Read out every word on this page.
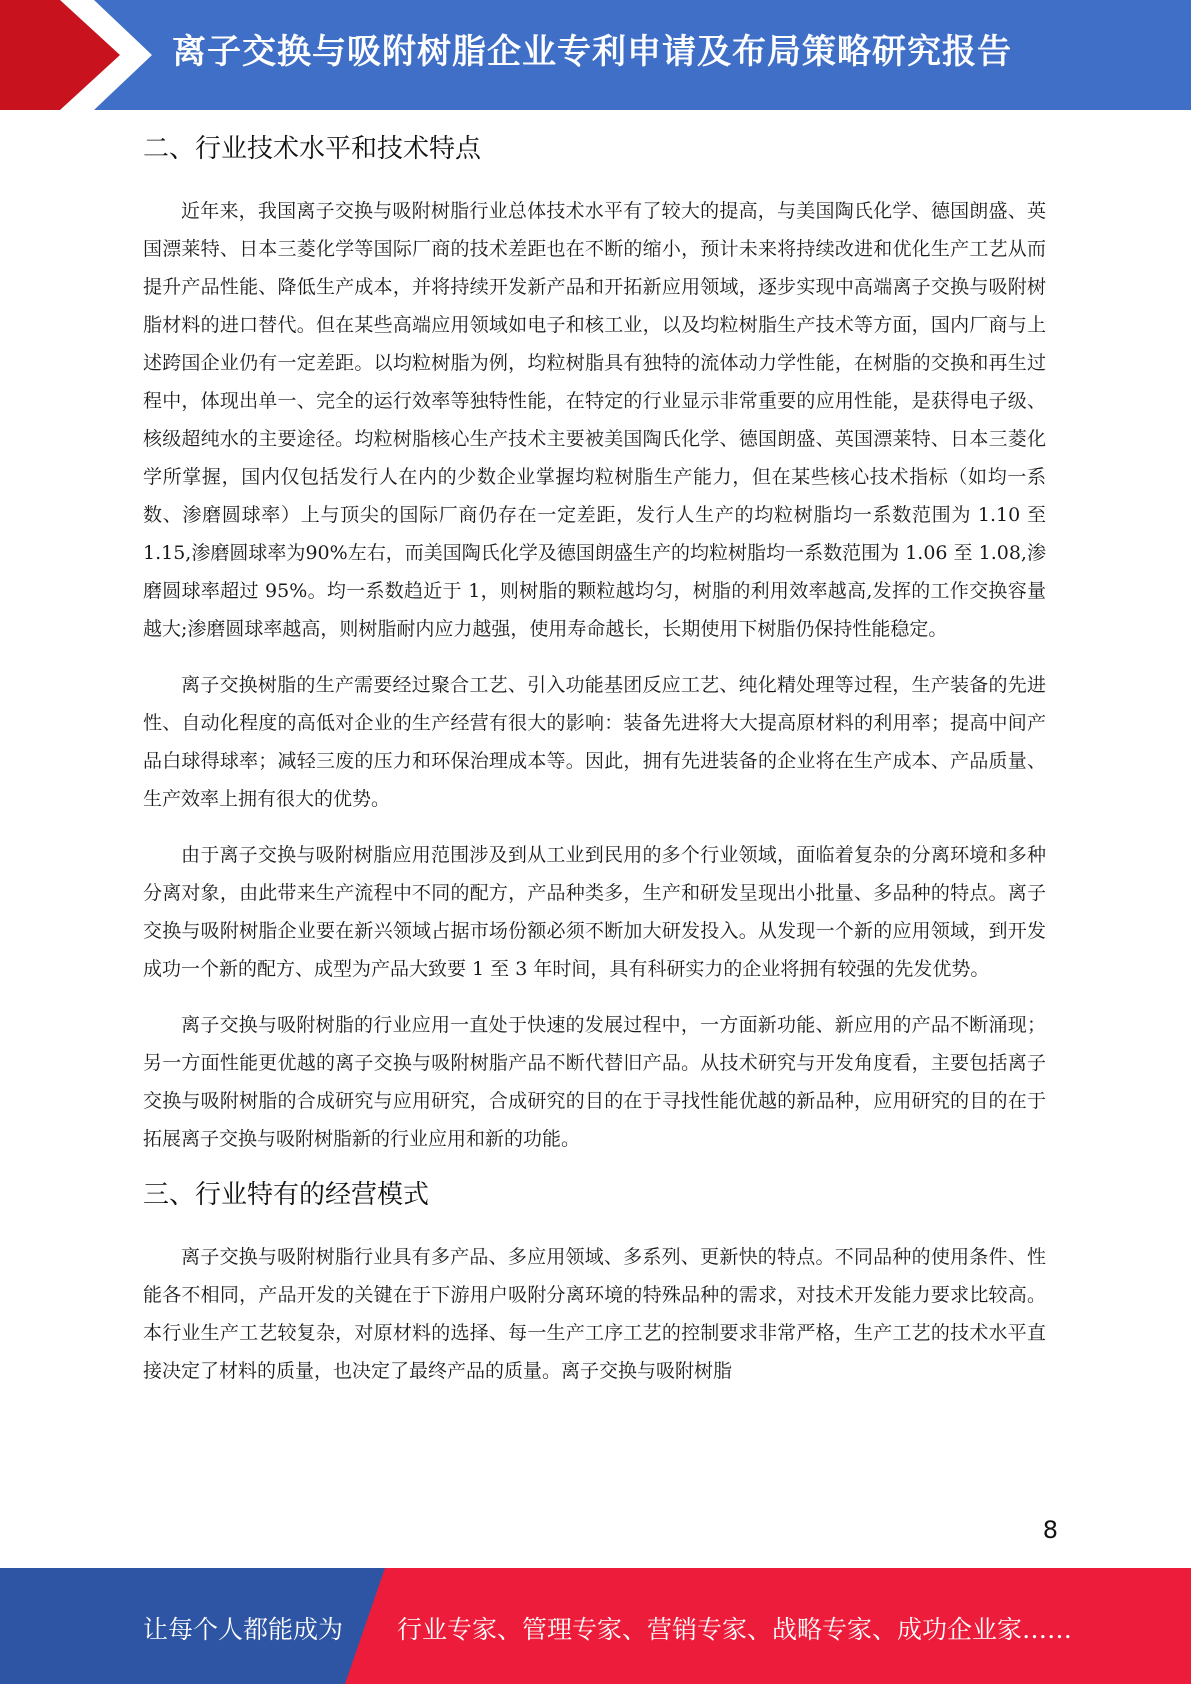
离子交换与吸附树脂企业专利申请及布局策略研究报告
二、行业技术水平和技术特点

近年来，我国离子交换与吸附树脂行业总体技术水平有了较大的提高，与美国陶氏化学、德国朗盛、英国漂莱特、日本三菱化学等国际厂商的技术差距也在不断的缩小，预计未来将持续改进和优化生产工艺从而提升产品性能、降低生产成本，并将持续开发新产品和开拓新应用领域，逐步实现中高端离子交换与吸附树脂材料的进口替代。但在某些高端应用领域如电子和核工业，以及均粒树脂生产技术等方面，国内厂商与上述跨国企业仍有一定差距。以均粒树脂为例，均粒树脂具有独特的流体动力学性能，在树脂的交换和再生过程中，体现出单一、完全的运行效率等独特性能，在特定的行业显示非常重要的应用性能，是获得电子级、核级超纯水的主要途径。均粒树脂核心生产技术主要被美国陶氏化学、德国朗盛、英国漂莱特、日本三菱化学所掌握，国内仅包括发行人在内的少数企业掌握均粒树脂生产能力，但在某些核心技术指标（如均一系数、渗磨圆球率）上与顶尖的国际厂商仍存在一定差距，发行人生产的均粒树脂均一系数范围为 1.10 至 1.15,渗磨圆球率为90%左右，而美国陶氏化学及德国朗盛生产的均粒树脂均一系数范围为 1.06 至 1.08,渗磨圆球率超过 95%。均一系数趋近于 1，则树脂的颗粒越均匀，树脂的利用效率越高,发挥的工作交换容量越大;渗磨圆球率越高，则树脂耐内应力越强，使用寿命越长，长期使用下树脂仍保持性能稳定。

离子交换树脂的生产需要经过聚合工艺、引入功能基团反应工艺、纯化精处理等过程，生产装备的先进性、自动化程度的高低对企业的生产经营有很大的影响：装备先进将大大提高原材料的利用率；提高中间产品白球得球率；减轻三废的压力和环保治理成本等。因此，拥有先进装备的企业将在生产成本、产品质量、生产效率上拥有很大的优势。

由于离子交换与吸附树脂应用范围涉及到从工业到民用的多个行业领域，面临着复杂的分离环境和多种分离对象，由此带来生产流程中不同的配方，产品种类多，生产和研发呈现出小批量、多品种的特点。离子交换与吸附树脂企业要在新兴领域占据市场份额必须不断加大研发投入。从发现一个新的应用领域，到开发成功一个新的配方、成型为产品大致要 1 至 3 年时间，具有科研实力的企业将拥有较强的先发优势。

离子交换与吸附树脂的行业应用一直处于快速的发展过程中，一方面新功能、新应用的产品不断涌现；另一方面性能更优越的离子交换与吸附树脂产品不断代替旧产品。从技术研究与开发角度看，主要包括离子交换与吸附树脂的合成研究与应用研究，合成研究的目的在于寻找性能优越的新品种，应用研究的目的在于拓展离子交换与吸附树脂新的行业应用和新的功能。

三、行业特有的经营模式

离子交换与吸附树脂行业具有多产品、多应用领域、多系列、更新快的特点。不同品种的使用条件、性能各不相同，产品开发的关键在于下游用户吸附分离环境的特殊品种的需求，对技术开发能力要求比较高。本行业生产工艺较复杂，对原材料的选择、每一生产工序工艺的控制要求非常严格，生产工艺的技术水平直接决定了材料的质量，也决定了最终产品的质量。离子交换与吸附树脂

8
让每个人都能成为 行业专家、管理专家、营销专家、战略专家、成功企业家……
